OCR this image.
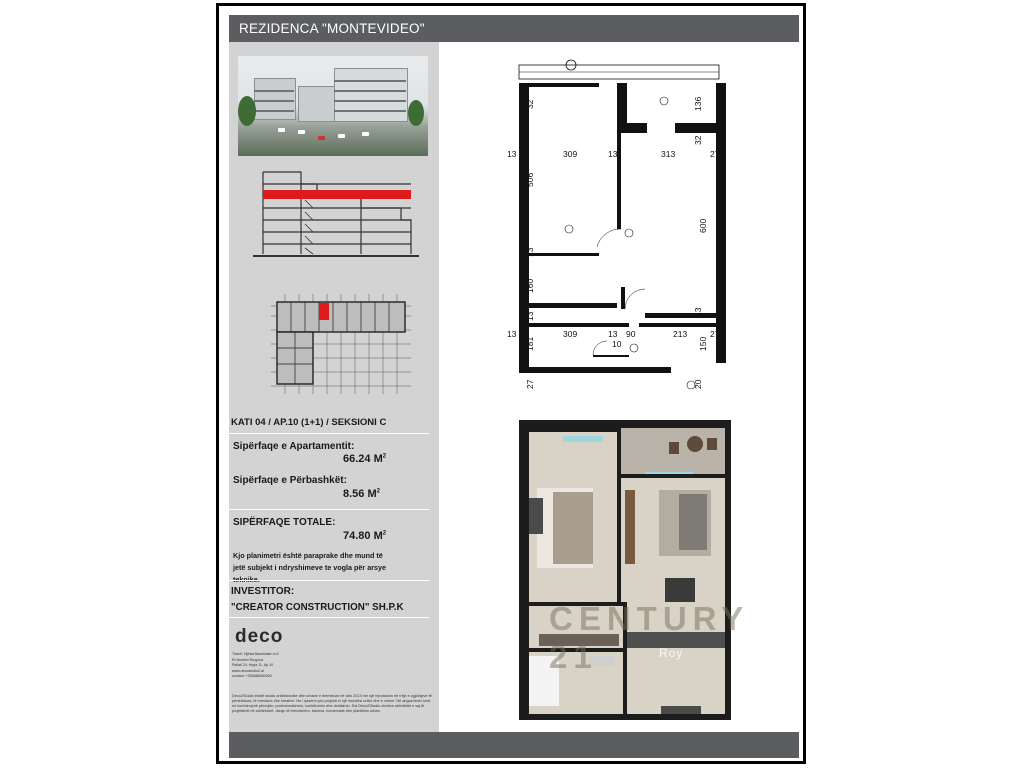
REZIDENCA "MONTEVIDEO"
KATI 04 / AP.10 (1+1) / SEKSIONI C
Sipërfaqe e Apartamentit:
66.24 $M^2$
Sipërfaqe e Përbashkët:
8.56 $M^2$
SIPËRFAQE TOTALE:
74.80 $M^2$
Kjo planimetri është paraprake dhe mund të jetë subjekt i ndryshimeve te vogla për arsye
INVESTITOR:
"CREATOR CONSTRUCTION" SH.P.K
deco
Tiranë, Njësia Bashkiake nr.5
Rr.Ibrahim Rrugova
Pallati 24, Hyrja 11, Ap.10
www.decostudio2.al
contact: +355686060069
Deco2Studio është studio arkitektonike dhe urbane e themeluar në vitin 2013 me një reputacion në rritje e zgjidhjeve të përshtatura, të mendura dhe kreative. Ne i qasemi çdo projekti si një mundësi unike dhe e vetme. Në angazhimin tonë, ne kombinojmë përvojën, profesionalizmin, kushtëzimin dhe dedikimin. Sot Deco2Studio zhvillon aktivitetet e saj të projektimit në arkitekturë, dizajn të brendshëm, banesa, komerciale dhe planifikim urban.
32	136
32
13	309	13	313	27
506
600
13
160
13	13
13
181
309	13 90	213	27
10	150
27	20
CENTURY 21	Roy
